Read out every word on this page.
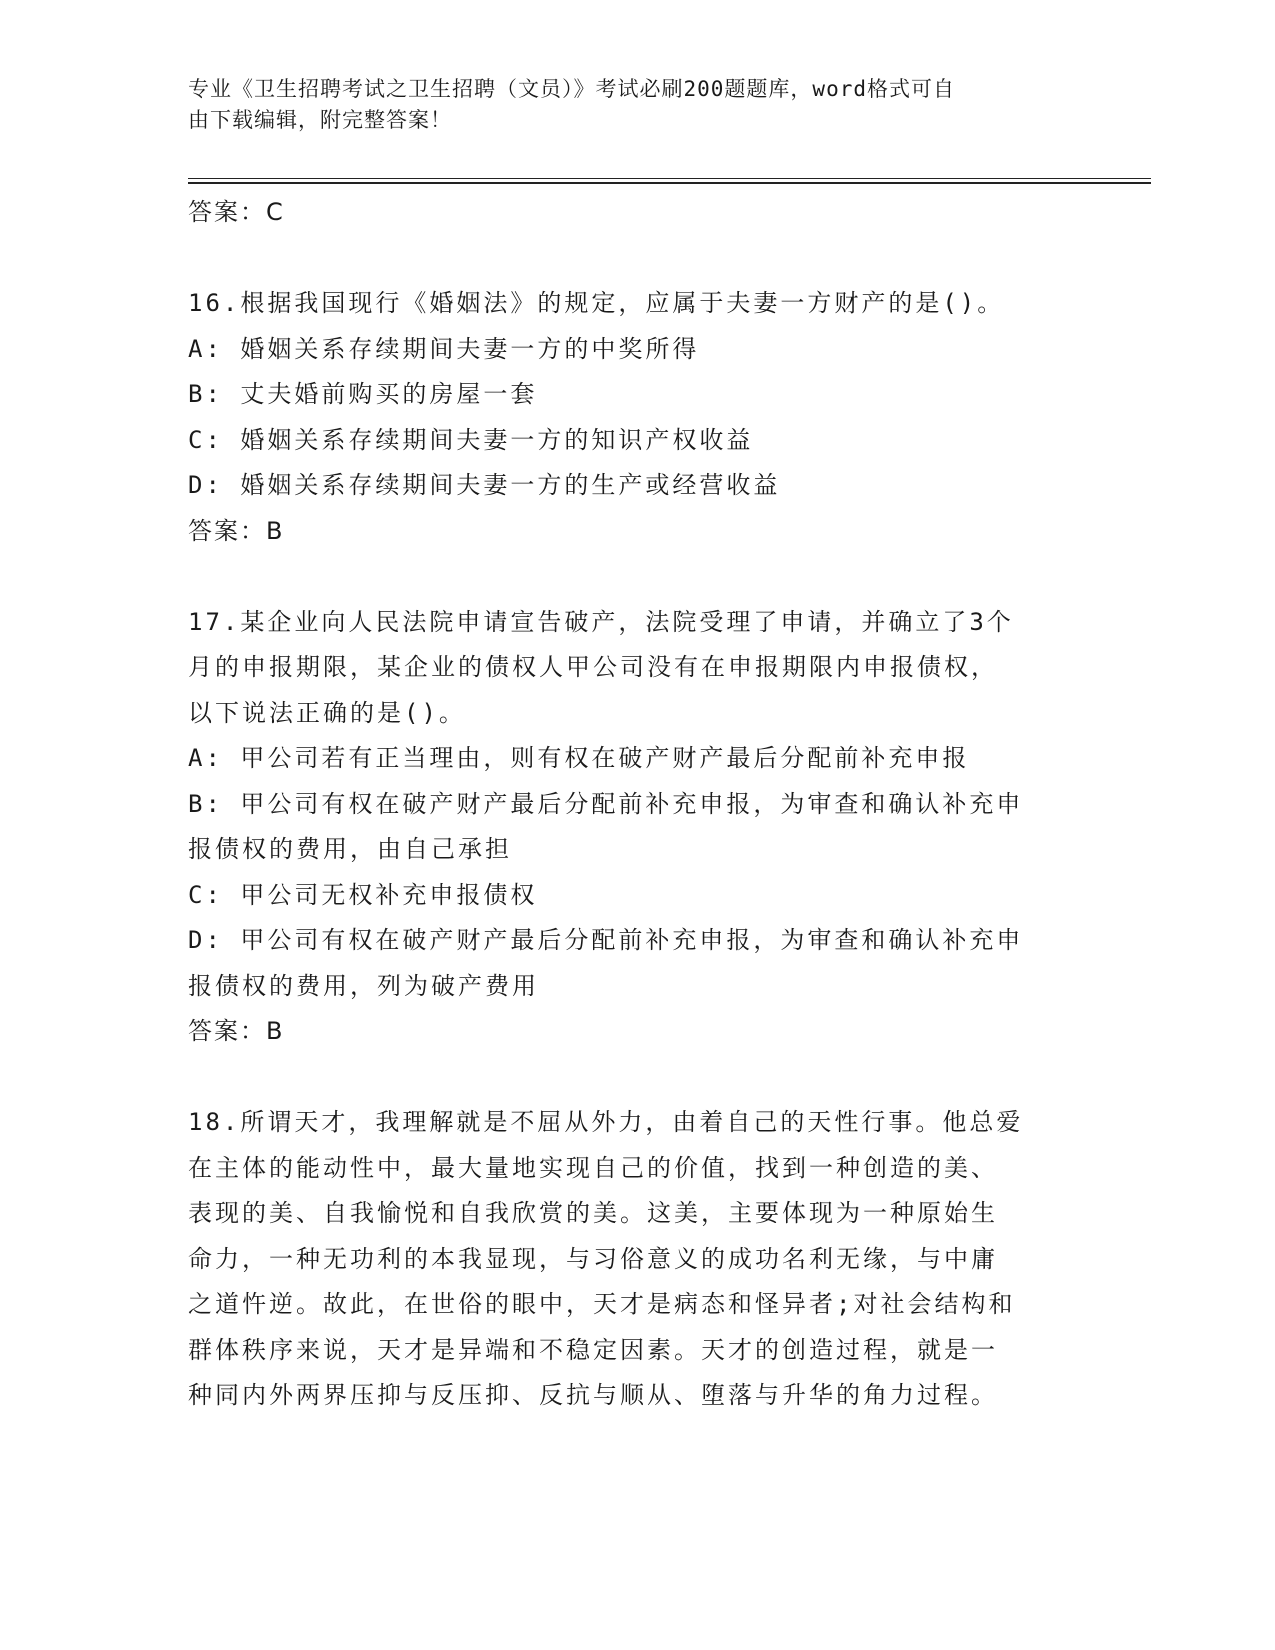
专业《卫生招聘考试之卫生招聘（文员）》考试必刷200题题库，word格式可自
由下载编辑，附完整答案！

答案：C

16.根据我国现行《婚姻法》的规定，应属于夫妻一方财产的是()。

A: 婚姻关系存续期间夫妻一方的中奖所得

B: 丈夫婚前购买的房屋一套

C: 婚姻关系存续期间夫妻一方的知识产权收益

D: 婚姻关系存续期间夫妻一方的生产或经营收益

答案：B

17.某企业向人民法院申请宣告破产，法院受理了申请，并确立了3个

月的申报期限，某企业的债权人甲公司没有在申报期限内申报债权，

以下说法正确的是()。

A: 甲公司若有正当理由，则有权在破产财产最后分配前补充申报

B: 甲公司有权在破产财产最后分配前补充申报，为审查和确认补充申

报债权的费用，由自己承担

C: 甲公司无权补充申报债权

D: 甲公司有权在破产财产最后分配前补充申报，为审查和确认补充申

报债权的费用，列为破产费用

答案：B

18.所谓天才，我理解就是不屈从外力，由着自己的天性行事。他总爱

在主体的能动性中，最大量地实现自己的价值，找到一种创造的美、

表现的美、自我愉悦和自我欣赏的美。这美，主要体现为一种原始生

命力，一种无功利的本我显现，与习俗意义的成功名利无缘，与中庸

之道忤逆。故此，在世俗的眼中，天才是病态和怪异者;对社会结构和

群体秩序来说，天才是异端和不稳定因素。天才的创造过程，就是一

种同内外两界压抑与反压抑、反抗与顺从、堕落与升华的角力过程。
